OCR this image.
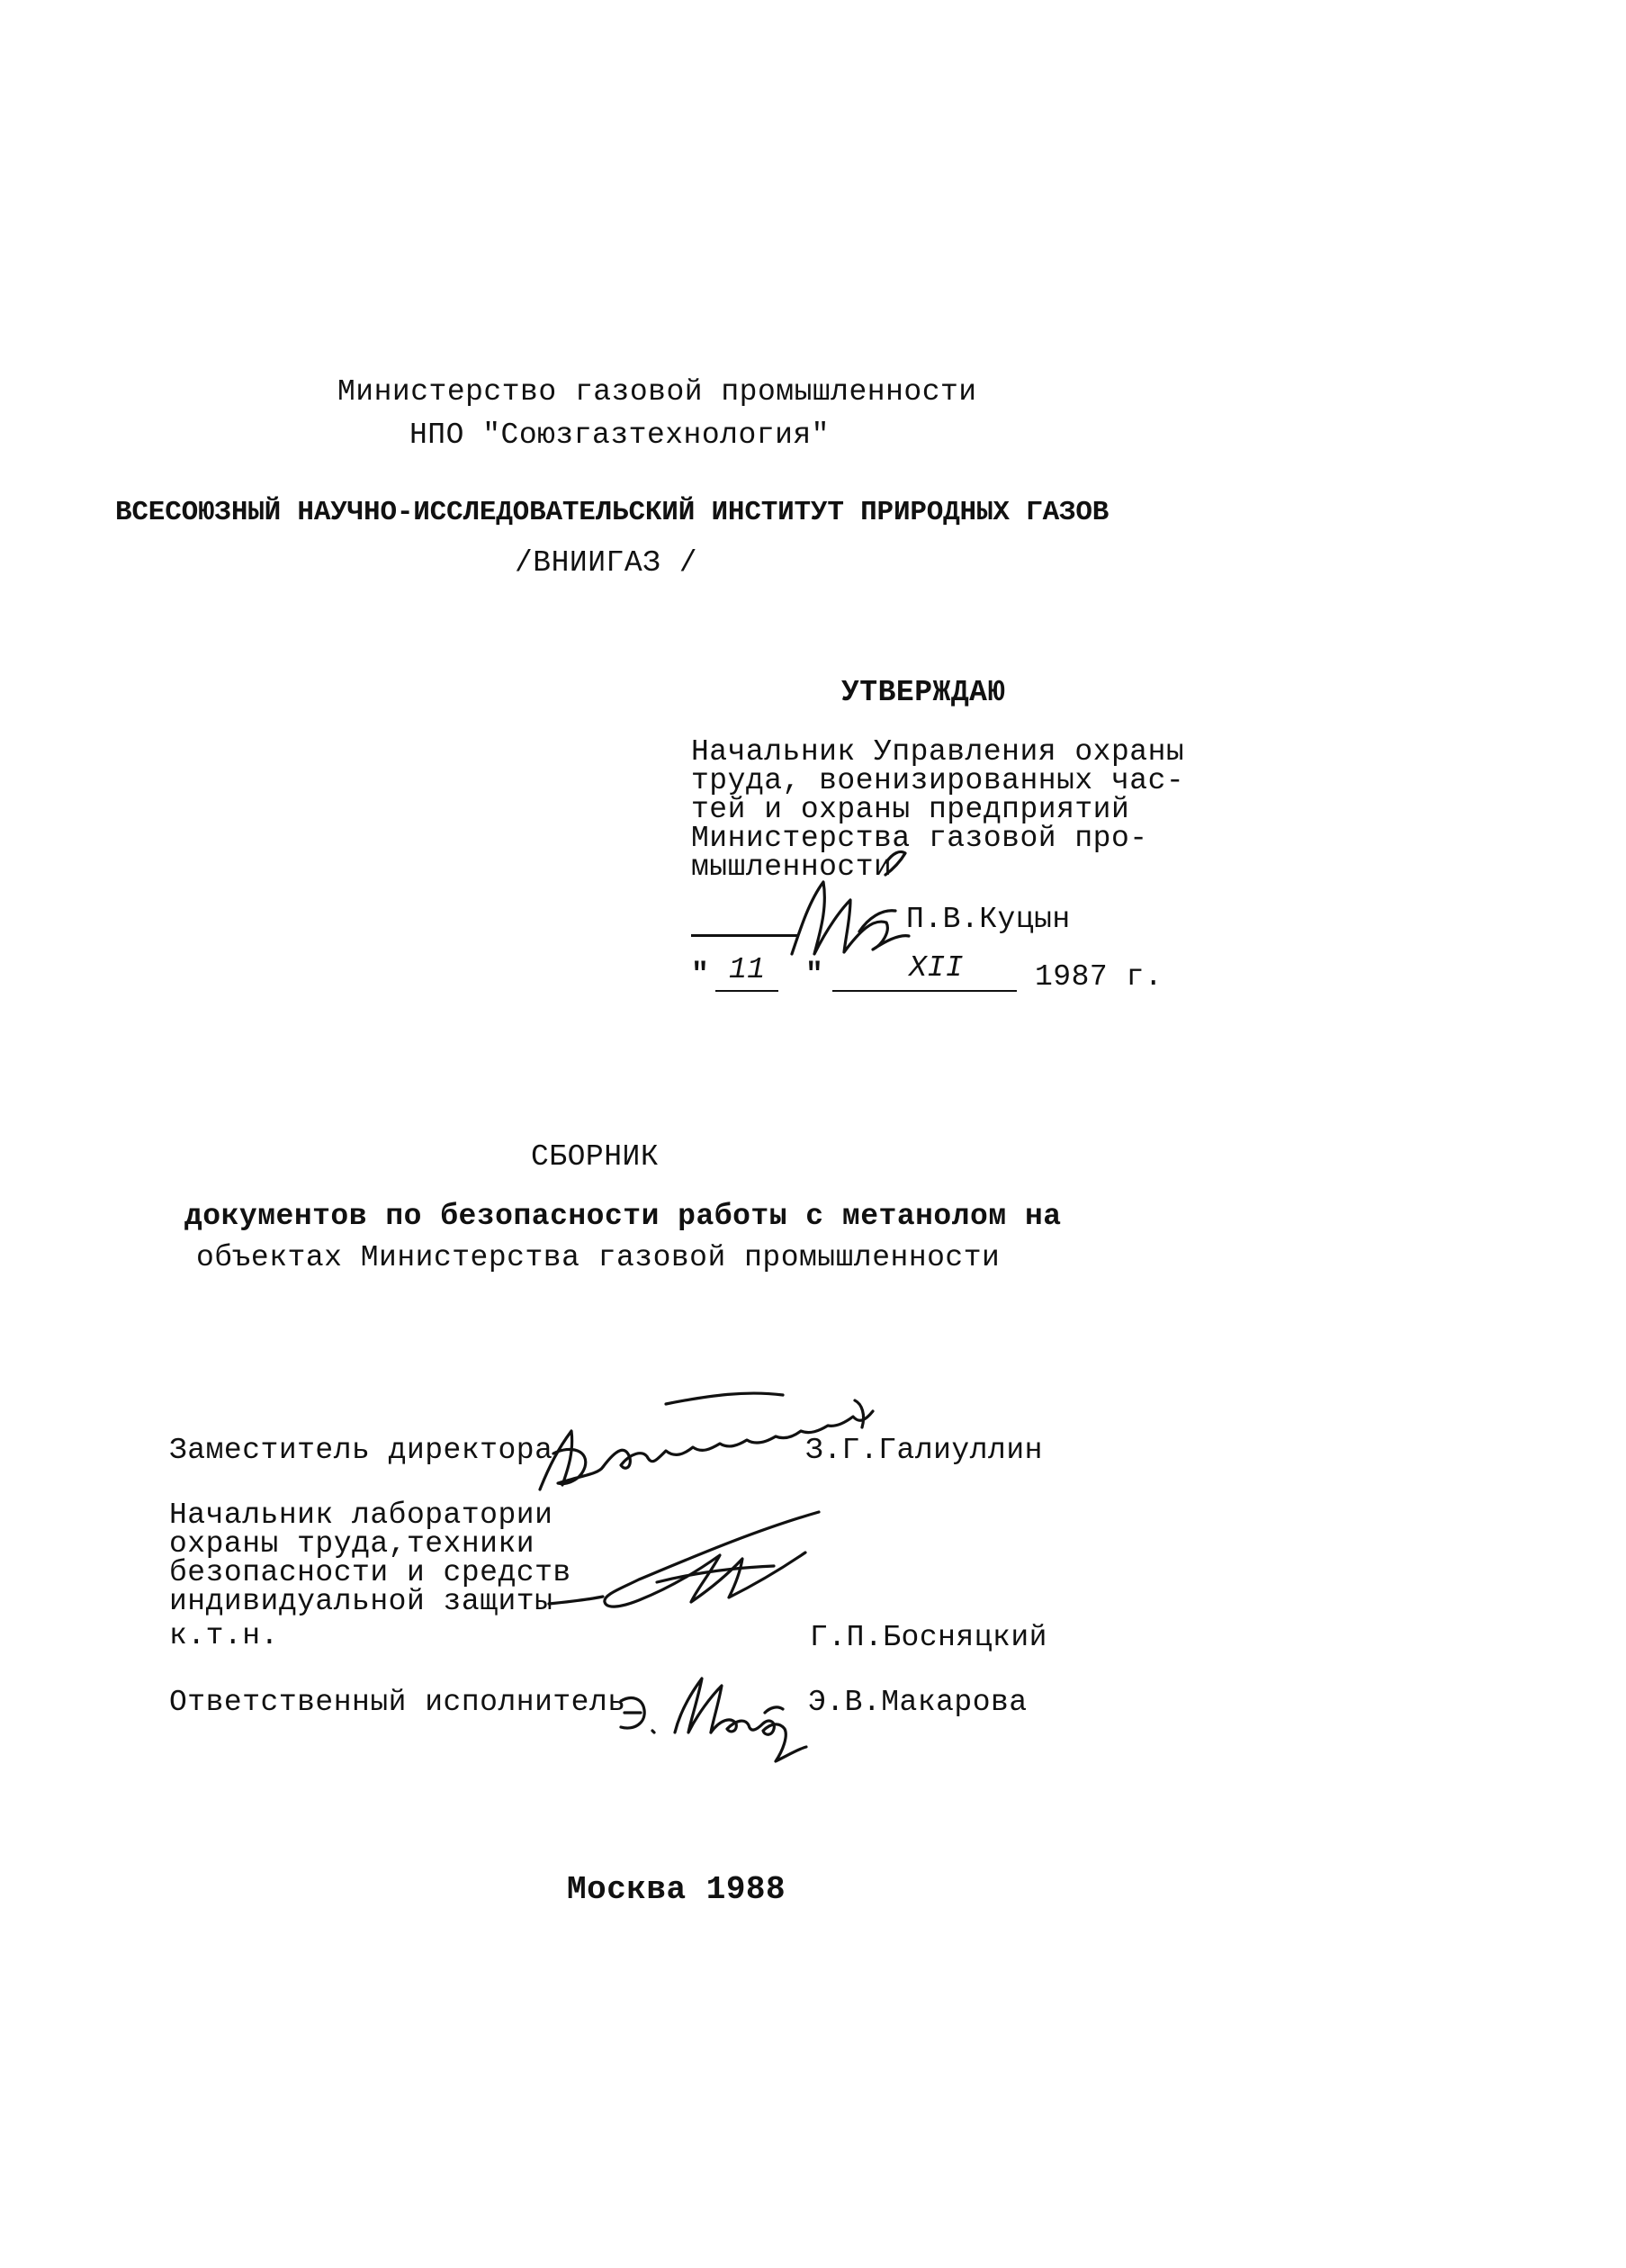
Министерство газовой промышленности
НПО "Союзгазтехнология"
ВСЕСОЮЗНЫЙ НАУЧНО-ИССЛЕДОВАТЕЛЬСКИЙ ИНСТИТУТ ПРИРОДНЫХ ГАЗОВ
/ВНИИГАЗ /
УТВЕРЖДАЮ
Начальник Управления охраны
труда, военизированных час-
тей и охраны предприятий
Министерства газовой про-
мышленности
П.В.Куцын
" 11 "	XII 1987 г.
СБОРНИК
документов по безопасности работы с метанолом на
объектах Министерства газовой промышленности
Заместитель директора	З.Г.Галиуллин
Начальник лаборатории
охраны труда,техники
безопасности и средств
индивидуальной защиты
к.т.н.	Г.П.Босняцкий
Ответственный исполнитель	Э.В.Макарова
Москва 1988
